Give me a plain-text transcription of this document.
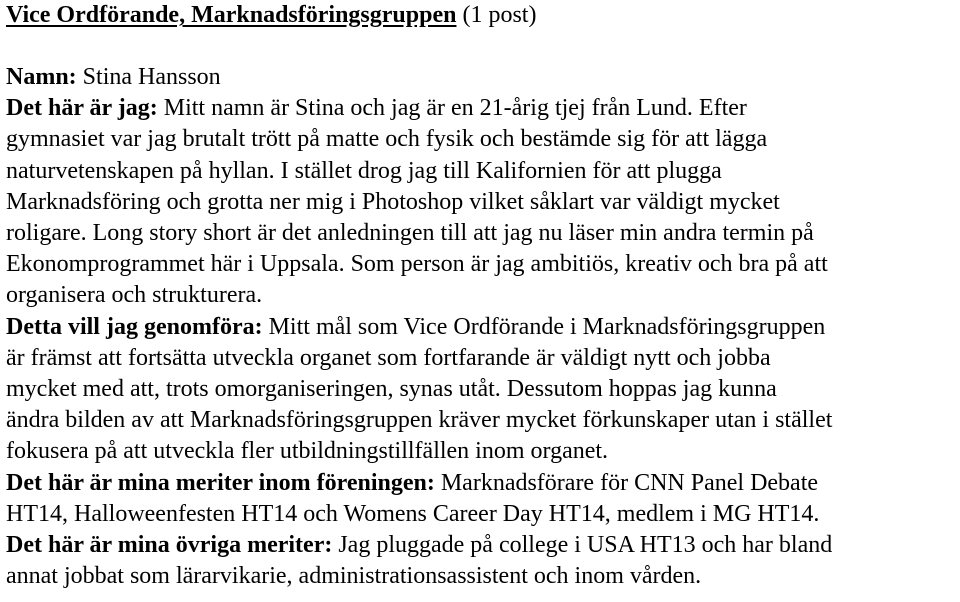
Vice Ordförande, Marknadsföringsgruppen (1 post)
Namn: Stina Hansson
Det här är jag: Mitt namn är Stina och jag är en 21-årig tjej från Lund. Efter
gymnasiet var jag brutalt trött på matte och fysik och bestämde sig för att lägga
naturvetenskapen på hyllan. I stället drog jag till Kalifornien för att plugga
Marknadsföring och grotta ner mig i Photoshop vilket såklart var väldigt mycket
roligare. Long story short är det anledningen till att jag nu läser min andra termin på
Ekonomprogrammet här i Uppsala. Som person är jag ambitiös, kreativ och bra på att
organisera och strukturera.
Detta vill jag genomföra: Mitt mål som Vice Ordförande i Marknadsföringsgruppen
är främst att fortsätta utveckla organet som fortfarande är väldigt nytt och jobba
mycket med att, trots omorganiseringen, synas utåt. Dessutom hoppas jag kunna
ändra bilden av att Marknadsföringsgruppen kräver mycket förkunskaper utan i stället
fokusera på att utveckla fler utbildningstillfällen inom organet.
Det här är mina meriter inom föreningen: Marknadsförare för CNN Panel Debate
HT14, Halloweenfesten HT14 och Womens Career Day HT14, medlem i MG HT14.
Det här är mina övriga meriter: Jag pluggade på college i USA HT13 och har bland
annat jobbat som lärarvikarie, administrationsassistent och inom vården.
